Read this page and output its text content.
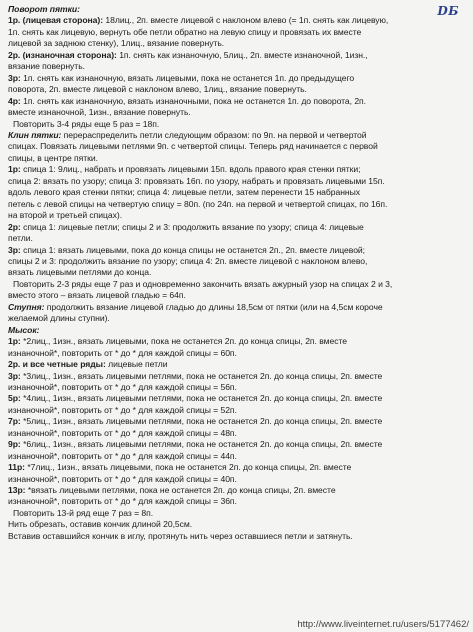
DБ
Поворот пятки:
1р. (лицевая сторона): 18лиц., 2п. вместе лицевой с наклоном влево (= 1п. снять как лицевую,
1п. снять как лицевую, вернуть обе петли обратно на левую спицу и провязать их вместе
лицевой за заднюю стенку), 1лиц., вязание повернуть.
2р. (изнаночная сторона): 1п. снять как изнаночную, 5лиц., 2п. вместе изнаночной, 1изн.,
вязание повернуть.
3р: 1п. снять как изнаночную, вязать лицевыми, пока не останется 1п. до предыдущего
поворота, 2п. вместе лицевой с наклоном влево, 1лиц., вязание повернуть.
4р: 1п. снять как изнаночную, вязать изнаночными, пока не останется 1п. до поворота, 2п.
вместе изнаночной, 1изн., вязание повернуть.
Повторить 3-4 ряды еще 5 раз = 18п.
Клин пятки: перераспределить петли следующим образом: по 9п. на первой и четвертой
спицах. Повязать лицевыми петлями 9п. с четвертой спицы. Теперь ряд начинается с первой
спицы, в центре пятки.
1р: спица 1: 9лиц., набрать и провязать лицевыми 15п. вдоль правого края стенки пятки;
спица 2: вязать по узору; спица 3: провязать 16п. по узору, набрать и провязать лицевыми 15п.
вдоль левого края стенки пятки; спица 4: лицевые петли, затем перенести 15 набранных
петель с левой спицы на четвертую спицу = 80п. (по 24п. на первой и четвертой спицах, по 16п.
на второй и третьей спицах).
2р: спица 1: лицевые петли; спицы 2 и 3: продолжить вязание по узору; спица 4: лицевые
петли.
3р: спица 1: вязать лицевыми, пока до конца спицы не останется 2п., 2п. вместе лицевой;
спицы 2 и 3: продолжить вязание по узору; спица 4: 2п. вместе лицевой с наклоном влево,
вязать лицевыми петлями до конца.
Повторить 2-3 ряды еще 7 раз и одновременно закончить вязать ажурный узор на спицах 2 и 3,
вместо этого – вязать лицевой гладью = 64п.
Ступня: продолжить вязание лицевой гладью до длины 18,5см от пятки (или на 4,5см короче
желаемой длины ступни).
Мысок:
1р: *2лиц., 1изн., вязать лицевыми, пока не останется 2п. до конца спицы, 2п. вместе
изнаночной*, повторить от * до * для каждой спицы = 60п.
2р. и все четные ряды: лицевые петли
3р: *3лиц., 1изн., вязать лицевыми петлями, пока не останется 2п. до конца спицы, 2п. вместе
изнаночной*, повторить от * до * для каждой спицы = 56п.
5р: *4лиц., 1изн., вязать лицевыми петлями, пока не останется 2п. до конца спицы, 2п. вместе
изнаночной*, повторить от * до * для каждой спицы = 52п.
7р: *5лиц., 1изн., вязать лицевыми петлями, пока не останется 2п. до конца спицы, 2п. вместе
изнаночной*, повторить от * до * для каждой спицы = 48п.
9р: *6лиц., 1изн., вязать лицевыми петлями, пока не останется 2п. до конца спицы, 2п. вместе
изнаночной*, повторить от * до * для каждой спицы = 44п.
11р: *7лиц., 1изн., вязать лицевыми, пока не останется 2п. до конца спицы, 2п. вместе
изнаночной*, повторить от * до * для каждой спицы = 40п.
13р: *вязать лицевыми петлями, пока не останется 2п. до конца спицы, 2п. вместе
изнаночной*, повторить от * до * для каждой спицы = 36п.
Повторить 13-й ряд еще 7 раз = 8п.
Нить обрезать, оставив кончик длиной 20,5см.
Вставив оставшийся кончик в иглу, протянуть нить через оставшиеся петли и затянуть.
http://www.liveinternet.ru/users/5177462/
